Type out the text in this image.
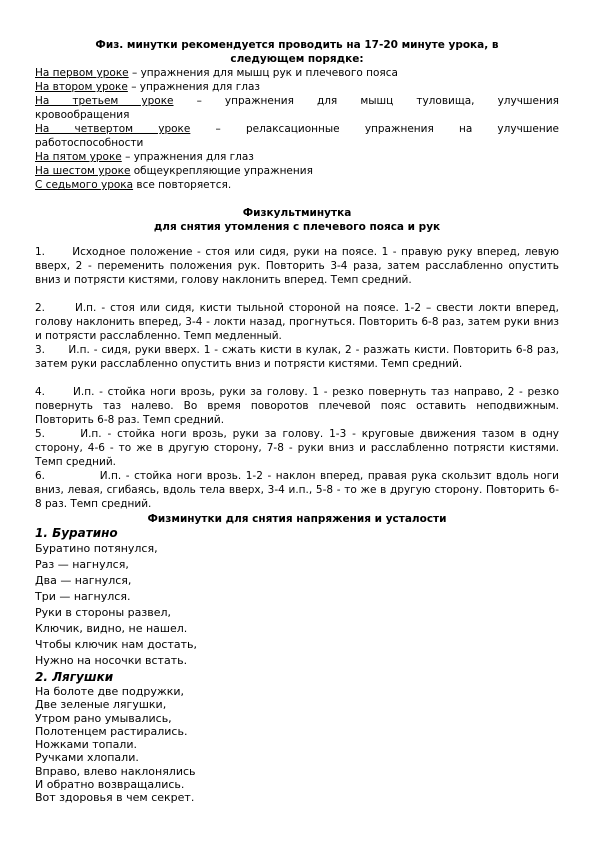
Физ. минутки рекомендуется проводить на 17-20 минуте урока, в
следующем порядке:
На первом уроке – упражнения для мышц рук и плечевого пояса
На втором уроке – упражнения для глаз
На третьем уроке – упражнения для мышц туловища, улучшения
кровообращения
На четвертом уроке – релаксационные упражнения на улучшение
работоспособности
На пятом уроке – упражнения для глаз
На шестом уроке общеукрепляющие упражнения
С седьмого урока все повторяется.
Физкультминутка
для снятия утомления с плечевого пояса и рук
1.      Исходное положение - стоя или сидя, руки на поясе. 1 - правую руку вперед, левую вверх, 2 - переменить положения рук. Повторить 3-4 раза, затем расслабленно опустить вниз и потрясти кистями, голову наклонить вперед. Темп средний.
2.      И.п. - стоя или сидя, кисти тыльной стороной на поясе. 1-2 – свести локти вперед, голову наклонить вперед, 3-4 - локти назад, прогнуться. Повторить 6-8 раз, затем руки вниз и потрясти расслабленно. Темп медленный.
3.      И.п. - сидя, руки вверх. 1 - сжать кисти в кулак, 2 - разжать кисти. Повторить 6-8 раз, затем руки расслабленно опустить вниз и потрясти кистями. Темп средний.
4.      И.п. - стойка ноги врозь, руки за голову. 1 - резко повернуть таз направо, 2 - резко повернуть таз налево. Во время поворотов плечевой пояс оставить неподвижным. Повторить 6-8 раз. Темп средний.
5.      И.п. - стойка ноги врозь, руки за голову. 1-3 - круговые движения тазом в одну сторону, 4-6 - то же в другую сторону, 7-8 - руки вниз и расслабленно потрясти кистями. Темп средний.
6.            И.п. - стойка ноги врозь. 1-2 - наклон вперед, правая рука скользит вдоль ноги вниз, левая, сгибаясь, вдоль тела вверх, 3-4 и.п., 5-8 - то же в другую сторону. Повторить 6-8 раз. Темп средний.
Физминутки для снятия напряжения и усталости
1. Буратино
Буратино потянулся,
Раз — нагнулся,
Два — нагнулся,
Три — нагнулся.
Руки в стороны развел,
Ключик, видно, не нашел.
Чтобы ключик нам достать,
Нужно на носочки встать.
2. Лягушки
На болоте две подружки,
Две зеленые лягушки,
Утром рано умывались,
Полотенцем растирались.
Ножками топали.
Ручками хлопали.
Вправо, влево наклонялись
И обратно возвращались.
Вот здоровья в чем секрет.
